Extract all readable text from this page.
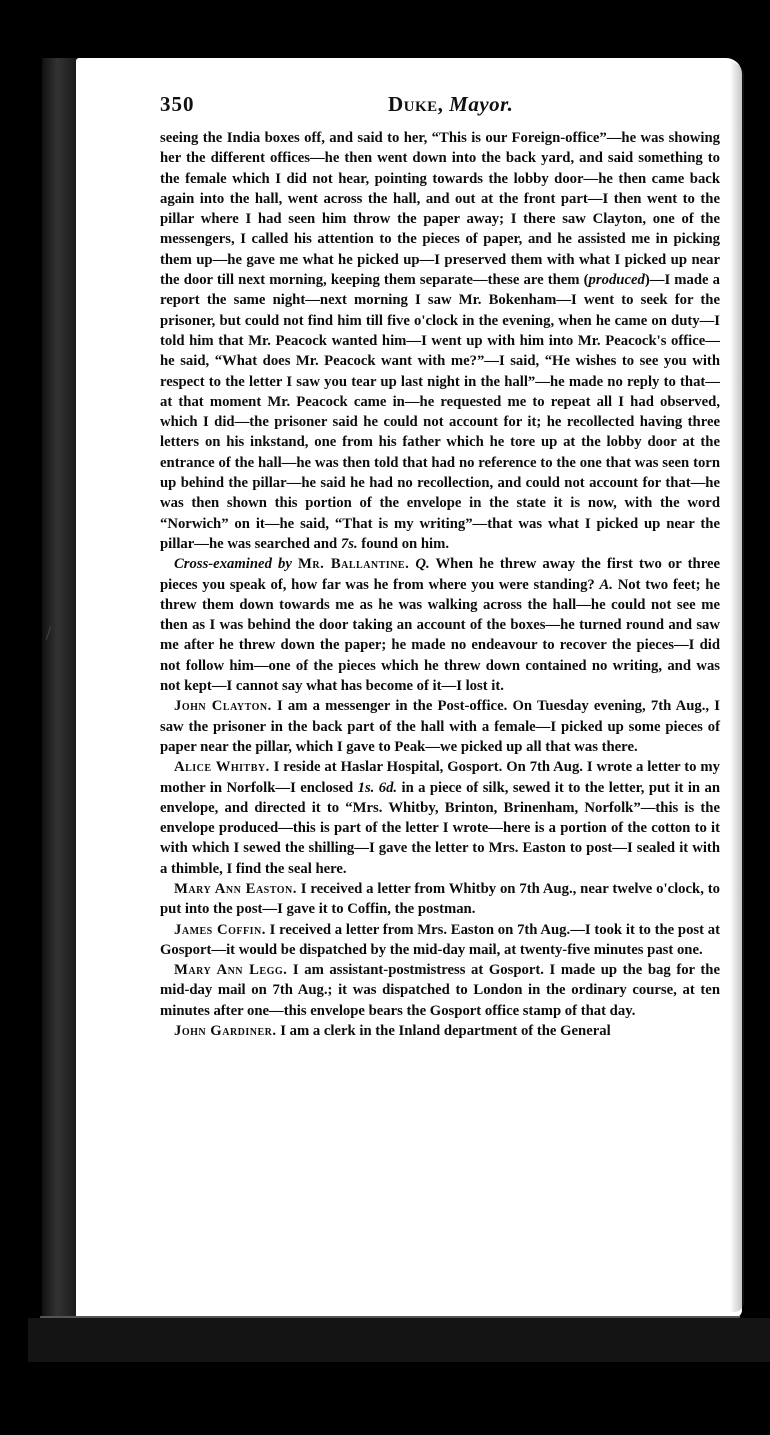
350	Duke, Mayor.

seeing the India boxes off, and said to her, “This is our Foreign-office”—he was showing her the different offices—he then went down into the back yard, and said something to the female which I did not hear, pointing towards the lobby door—he then came back again into the hall, went across the hall, and out at the front part—I then went to the pillar where I had seen him throw the paper away; I there saw Clayton, one of the messengers, I called his attention to the pieces of paper, and he assisted me in picking them up—he gave me what he picked up—I preserved them with what I picked up near the door till next morning, keeping them separate—these are them (produced)—I made a report the same night—next morning I saw Mr. Bokenham—I went to seek for the prisoner, but could not find him till five o'clock in the evening, when he came on duty—I told him that Mr. Peacock wanted him—I went up with him into Mr. Peacock's office—he said, “What does Mr. Peacock want with me?”—I said, “He wishes to see you with respect to the letter I saw you tear up last night in the hall”—he made no reply to that—at that moment Mr. Peacock came in—he requested me to repeat all I had observed, which I did—the prisoner said he could not account for it; he recollected having three letters on his inkstand, one from his father which he tore up at the lobby door at the entrance of the hall—he was then told that had no reference to the one that was seen torn up behind the pillar—he said he had no recollection, and could not account for that—he was then shown this portion of the envelope in the state it is now, with the word “Norwich” on it—he said, “That is my writing”—that was what I picked up near the pillar—he was searched and 7s. found on him.

Cross-examined by Mr. Ballantine. Q. When he threw away the first two or three pieces you speak of, how far was he from where you were standing? A. Not two feet; he threw them down towards me as he was walking across the hall—he could not see me then as I was behind the door taking an account of the boxes—he turned round and saw me after he threw down the paper; he made no endeavour to recover the pieces—I did not follow him—one of the pieces which he threw down contained no writing, and was not kept—I cannot say what has become of it—I lost it.

John Clayton. I am a messenger in the Post-office. On Tuesday evening, 7th Aug., I saw the prisoner in the back part of the hall with a female—I picked up some pieces of paper near the pillar, which I gave to Peak—we picked up all that was there.

Alice Whitby. I reside at Haslar Hospital, Gosport. On 7th Aug. I wrote a letter to my mother in Norfolk—I enclosed 1s. 6d. in a piece of silk, sewed it to the letter, put it in an envelope, and directed it to “Mrs. Whitby, Brinton, Brinenham, Norfolk”—this is the envelope produced—this is part of the letter I wrote—here is a portion of the cotton to it with which I sewed the shilling—I gave the letter to Mrs. Easton to post—I sealed it with a thimble, I find the seal here.

Mary Ann Easton. I received a letter from Whitby on 7th Aug., near twelve o'clock, to put into the post—I gave it to Coffin, the postman.

James Coffin. I received a letter from Mrs. Easton on 7th Aug.—I took it to the post at Gosport—it would be dispatched by the mid-day mail, at twenty-five minutes past one.

Mary Ann Legg. I am assistant-postmistress at Gosport. I made up the bag for the mid-day mail on 7th Aug.; it was dispatched to London in the ordinary course, at ten minutes after one—this envelope bears the Gosport office stamp of that day.

John Gardiner. I am a clerk in the Inland department of the General
